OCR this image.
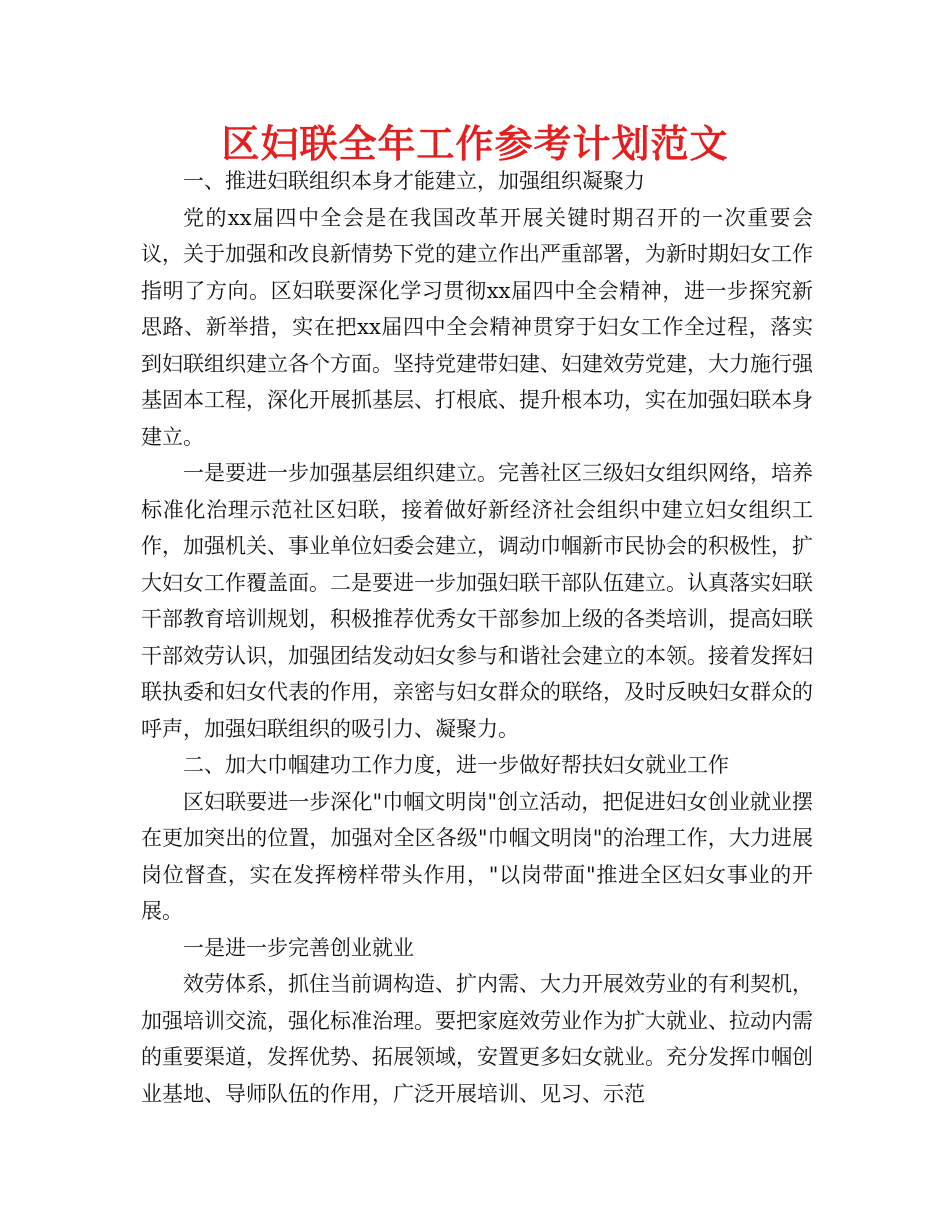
区妇联全年工作参考计划范文

一、推进妇联组织本身才能建立，加强组织凝聚力

党的xx届四中全会是在我国改革开展关键时期召开的一次重要会议，关于加强和改良新情势下党的建立作出严重部署，为新时期妇女工作指明了方向。区妇联要深化学习贯彻xx届四中全会精神，进一步探究新思路、新举措，实在把xx届四中全会精神贯穿于妇女工作全过程，落实到妇联组织建立各个方面。坚持党建带妇建、妇建效劳党建，大力施行强基固本工程，深化开展抓基层、打根底、提升根本功，实在加强妇联本身建立。

一是要进一步加强基层组织建立。完善社区三级妇女组织网络，培养标准化治理示范社区妇联，接着做好新经济社会组织中建立妇女组织工作，加强机关、事业单位妇委会建立，调动巾帼新市民协会的积极性，扩大妇女工作覆盖面。二是要进一步加强妇联干部队伍建立。认真落实妇联干部教育培训规划，积极推荐优秀女干部参加上级的各类培训，提高妇联干部效劳认识，加强团结发动妇女参与和谐社会建立的本领。接着发挥妇联执委和妇女代表的作用，亲密与妇女群众的联络，及时反映妇女群众的呼声，加强妇联组织的吸引力、凝聚力。

二、加大巾帼建功工作力度，进一步做好帮扶妇女就业工作

区妇联要进一步深化"巾帼文明岗"创立活动，把促进妇女创业就业摆在更加突出的位置，加强对全区各级"巾帼文明岗"的治理工作，大力进展岗位督查，实在发挥榜样带头作用，"以岗带面"推进全区妇女事业的开展。

一是进一步完善创业就业

效劳体系，抓住当前调构造、扩内需、大力开展效劳业的有利契机，加强培训交流，强化标准治理。要把家庭效劳业作为扩大就业、拉动内需的重要渠道，发挥优势、拓展领域，安置更多妇女就业。充分发挥巾帼创业基地、导师队伍的作用，广泛开展培训、见习、示范
